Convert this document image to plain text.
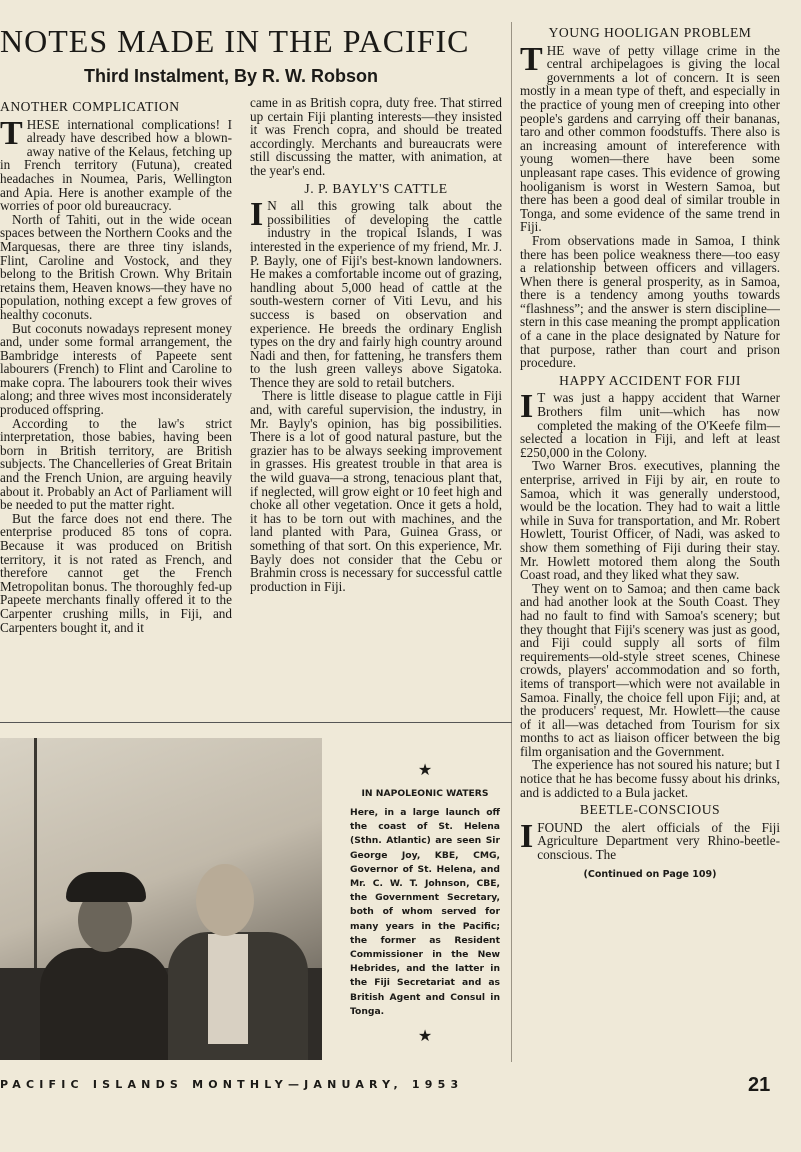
NOTES MADE IN THE PACIFIC
Third Instalment, By R. W. Robson
ANOTHER COMPLICATION

THESE international complications! I already have described how a blown-away native of the Kelaus, fetching up in French territory (Futuna), created headaches in Noumea, Paris, Wellington and Apia. Here is another example of the worries of poor old bureaucracy.

North of Tahiti, out in the wide ocean spaces between the Northern Cooks and the Marquesas, there are three tiny islands, Flint, Caroline and Vostock, and they belong to the British Crown. Why Britain retains them, Heaven knows—they have no population, nothing except a few groves of healthy coconuts.

But coconuts nowadays represent money and, under some formal arrangement, the Bambridge interests of Papeete sent labourers (French) to Flint and Caroline to make copra. The labourers took their wives along; and three wives most inconsiderately produced offspring.

According to the law's strict interpretation, those babies, having been born in British territory, are British subjects. The Chancelleries of Great Britain and the French Union, are arguing heavily about it. Probably an Act of Parliament will be needed to put the matter right.

But the farce does not end there. The enterprise produced 85 tons of copra. Because it was produced on British territory, it is not rated as French, and therefore cannot get the French Metropolitan bonus. The thoroughly fed-up Papeete merchants finally offered it to the Carpenter crushing mills, in Fiji, and Carpenters bought it, and it

came in as British copra, duty free. That stirred up certain Fiji planting interests—they insisted it was French copra, and should be treated accordingly. Merchants and bureaucrats were still discussing the matter, with animation, at the year's end.

J. P. BAYLY'S CATTLE

I N all this growing talk about the possibilities of developing the cattle industry in the tropical Islands, I was interested in the experience of my friend, Mr. J. P. Bayly, one of Fiji's best-known landowners. He makes a comfortable income out of grazing, handling about 5,000 head of cattle at the south-western corner of Viti Levu, and his success is based on observation and experience. He breeds the ordinary English types on the dry and fairly high country around Nadi and then, for fattening, he transfers them to the lush green valleys above Sigatoka. Thence they are sold to retail butchers.

There is little disease to plague cattle in Fiji and, with careful supervision, the industry, in Mr. Bayly's opinion, has big possibilities. There is a lot of good natural pasture, but the grazier has to be always seeking improvement in grasses. His greatest trouble in that area is the wild guava—a strong, tenacious plant that, if neglected, will grow eight or 10 feet high and choke all other vegetation. Once it gets a hold, it has to be torn out with machines, and the land planted with Para, Guinea Grass, or something of that sort. On this experience, Mr. Bayly does not consider that the Cebu or Brahmin cross is necessary for successful cattle production in Fiji.

YOUNG HOOLIGAN PROBLEM

THE wave of petty village crime in the central archipelagoes is giving the local governments a lot of concern. It is seen mostly in a mean type of theft, and especially in the practice of young men of creeping into other people's gardens and carrying off their bananas, taro and other common foodstuffs. There also is an increasing amount of intereference with young women—there have been some unpleasant rape cases. This evidence of growing hooliganism is worst in Western Samoa, but there has been a good deal of similar trouble in Tonga, and some evidence of the same trend in Fiji.

From observations made in Samoa, I think there has been police weakness there—too easy a relationship between officers and villagers. When there is general prosperity, as in Samoa, there is a tendency among youths towards “flashness”; and the answer is stern discipline—stern in this case meaning the prompt application of a cane in the place designated by Nature for that purpose, rather than court and prison procedure.

HAPPY ACCIDENT FOR FIJI

I T was just a happy accident that Warner Brothers film unit—which has now completed the making of the O'Keefe film—selected a location in Fiji, and left at least £250,000 in the Colony.

Two Warner Bros. executives, planning the enterprise, arrived in Fiji by air, en route to Samoa, which it was generally understood, would be the location. They had to wait a little while in Suva for transportation, and Mr. Robert Howlett, Tourist Officer, of Nadi, was asked to show them something of Fiji during their stay. Mr. Howlett motored them along the South Coast road, and they liked what they saw.

They went on to Samoa; and then came back and had another look at the South Coast. They had no fault to find with Samoa's scenery; but they thought that Fiji's scenery was just as good, and Fiji could supply all sorts of film requirements—old-style street scenes, Chinese crowds, players' accommodation and so forth, items of transport—which were not available in Samoa. Finally, the choice fell upon Fiji; and, at the producers' request, Mr. Howlett—the cause of it all—was detached from Tourism for six months to act as liaison officer between the big film organisation and the Government.

The experience has not soured his nature; but I notice that he has become fussy about his drinks, and is addicted to a Bula jacket.

BEETLE-CONSCIOUS

IFOUND the alert officials of the Fiji Agriculture Department very Rhino-beetle-conscious. The

(Continued on Page 109)
★
IN NAPOLEONIC WATERS
Here, in a large launch off the coast of St. Helena (Sthn. Atlantic) are seen Sir George Joy, KBE, CMG, Governor of St. Helena, and Mr. C. W. T. Johnson, CBE, the Government Secretary, both of whom served for many years in the Pacific; the former as Resident Commissioner in the New Hebrides, and the latter in the Fiji Secretariat and as British Agent and Consul in Tonga.
★
PACIFIC ISLANDS MONTHLY—JANUARY, 1953	21
